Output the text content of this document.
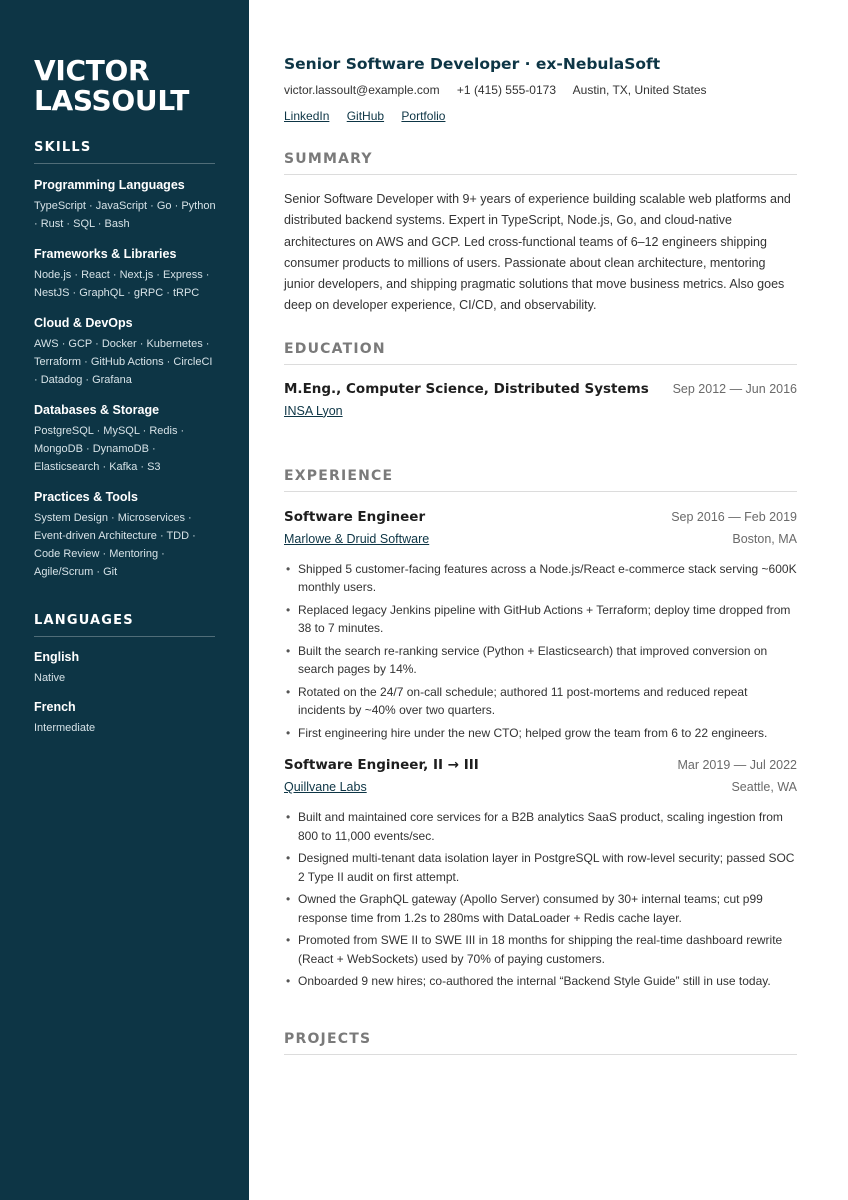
VICTOR
LASSOULT
SKILLS
Programming Languages
TypeScript · JavaScript · Go · Python · Rust · SQL · Bash
Frameworks & Libraries
Node.js · React · Next.js · Express · NestJS · GraphQL · gRPC · tRPC
Cloud & DevOps
AWS · GCP · Docker · Kubernetes · Terraform · GitHub Actions · CircleCI · Datadog · Grafana
Databases & Storage
PostgreSQL · MySQL · Redis · MongoDB · DynamoDB · Elasticsearch · Kafka · S3
Practices & Tools
System Design · Microservices · Event-driven Architecture · TDD · Code Review · Mentoring · Agile/Scrum · Git
LANGUAGES
English
Native
French
Intermediate
Senior Software Developer · ex-NebulaSoft
victor.lassoult@example.com +1 (415) 555-0173 Austin, TX, United States
LinkedIn GitHub Portfolio
SUMMARY
Senior Software Developer with 9+ years of experience building scalable web platforms and distributed backend systems. Expert in TypeScript, Node.js, Go, and cloud-native architectures on AWS and GCP. Led cross-functional teams of 6–12 engineers shipping consumer products to millions of users. Passionate about clean architecture, mentoring junior developers, and shipping pragmatic solutions that move business metrics. Also goes deep on developer experience, CI/CD, and observability.
EDUCATION
M.Eng., Computer Science, Distributed Systems Sep 2012 — Jun 2016
INSA Lyon
EXPERIENCE
Software Engineer	Sep 2016 — Feb 2019
Marlowe & Druid Software	Boston, MA
• Shipped 5 customer-facing features across a Node.js/React e-commerce stack serving ~600K monthly users.
• Replaced legacy Jenkins pipeline with GitHub Actions + Terraform; deploy time dropped from 38 to 7 minutes.
• Built the search re-ranking service (Python + Elasticsearch) that improved conversion on search pages by 14%.
• Rotated on the 24/7 on-call schedule; authored 11 post-mortems and reduced repeat incidents by ~40% over two quarters.
• First engineering hire under the new CTO; helped grow the team from 6 to 22 engineers.
Software Engineer, II → III	Mar 2019 — Jul 2022
Quillvane Labs	Seattle, WA
• Built and maintained core services for a B2B analytics SaaS product, scaling ingestion from 800 to 11,000 events/sec.
• Designed multi-tenant data isolation layer in PostgreSQL with row-level security; passed SOC 2 Type II audit on first attempt.
• Owned the GraphQL gateway (Apollo Server) consumed by 30+ internal teams; cut p99 response time from 1.2s to 280ms with DataLoader + Redis cache layer.
• Promoted from SWE II to SWE III in 18 months for shipping the real-time dashboard rewrite (React + WebSockets) used by 70% of paying customers.
• Onboarded 9 new hires; co-authored the internal “Backend Style Guide” still in use today.
PROJECTS
